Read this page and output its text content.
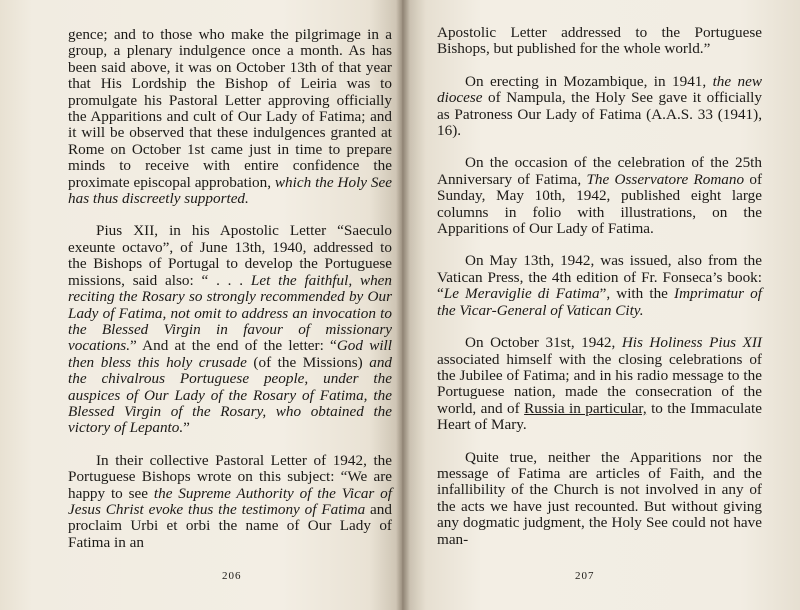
gence; and to those who make the pilgrimage in a group, a plenary indulgence once a month. As has been said above, it was on October 13th of that year that His Lordship the Bishop of Leiria was to promulgate his Pastoral Letter approving officially the Apparitions and cult of Our Lady of Fatima; and it will be observed that these indulgences granted at Rome on October 1st came just in time to prepare minds to receive with entire confidence the proximate episcopal approbation, which the Holy See has thus discreetly supported.

Pius XII, in his Apostolic Letter “Saeculo exeunte octavo”, of June 13th, 1940, addressed to the Bishops of Portugal to develop the Portuguese missions, said also: “ . . . Let the faithful, when reciting the Rosary so strongly recommended by Our Lady of Fatima, not omit to address an invocation to the Blessed Virgin in favour of missionary vocations.” And at the end of the letter: “God will then bless this holy crusade (of the Missions) and the chivalrous Portuguese people, under the auspices of Our Lady of the Rosary of Fatima, the Blessed Virgin of the Rosary, who obtained the victory of Lepanto.”

In their collective Pastoral Letter of 1942, the Portuguese Bishops wrote on this subject: “We are happy to see the Supreme Authority of the Vicar of Jesus Christ evoke thus the testimony of Fatima and proclaim Urbi et orbi the name of Our Lady of Fatima in an

206

Apostolic Letter addressed to the Portuguese Bishops, but published for the whole world.”

On erecting in Mozambique, in 1941, the new diocese of Nampula, the Holy See gave it officially as Patroness Our Lady of Fatima (A.A.S. 33 (1941), 16).

On the occasion of the celebration of the 25th Anniversary of Fatima, The Osservatore Romano of Sunday, May 10th, 1942, published eight large columns in folio with illustrations, on the Apparitions of Our Lady of Fatima.

On May 13th, 1942, was issued, also from the Vatican Press, the 4th edition of Fr. Fonseca’s book: “Le Meraviglie di Fatima”, with the Imprimatur of the Vicar-General of Vatican City.

On October 31st, 1942, His Holiness Pius XII associated himself with the closing celebrations of the Jubilee of Fatima; and in his radio message to the Portuguese nation, made the consecration of the world, and of Russia in particular, to the Immaculate Heart of Mary.

Quite true, neither the Apparitions nor the message of Fatima are articles of Faith, and the infallibility of the Church is not involved in any of the acts we have just recounted. But without giving any dogmatic judgment, the Holy See could not have man-

207
